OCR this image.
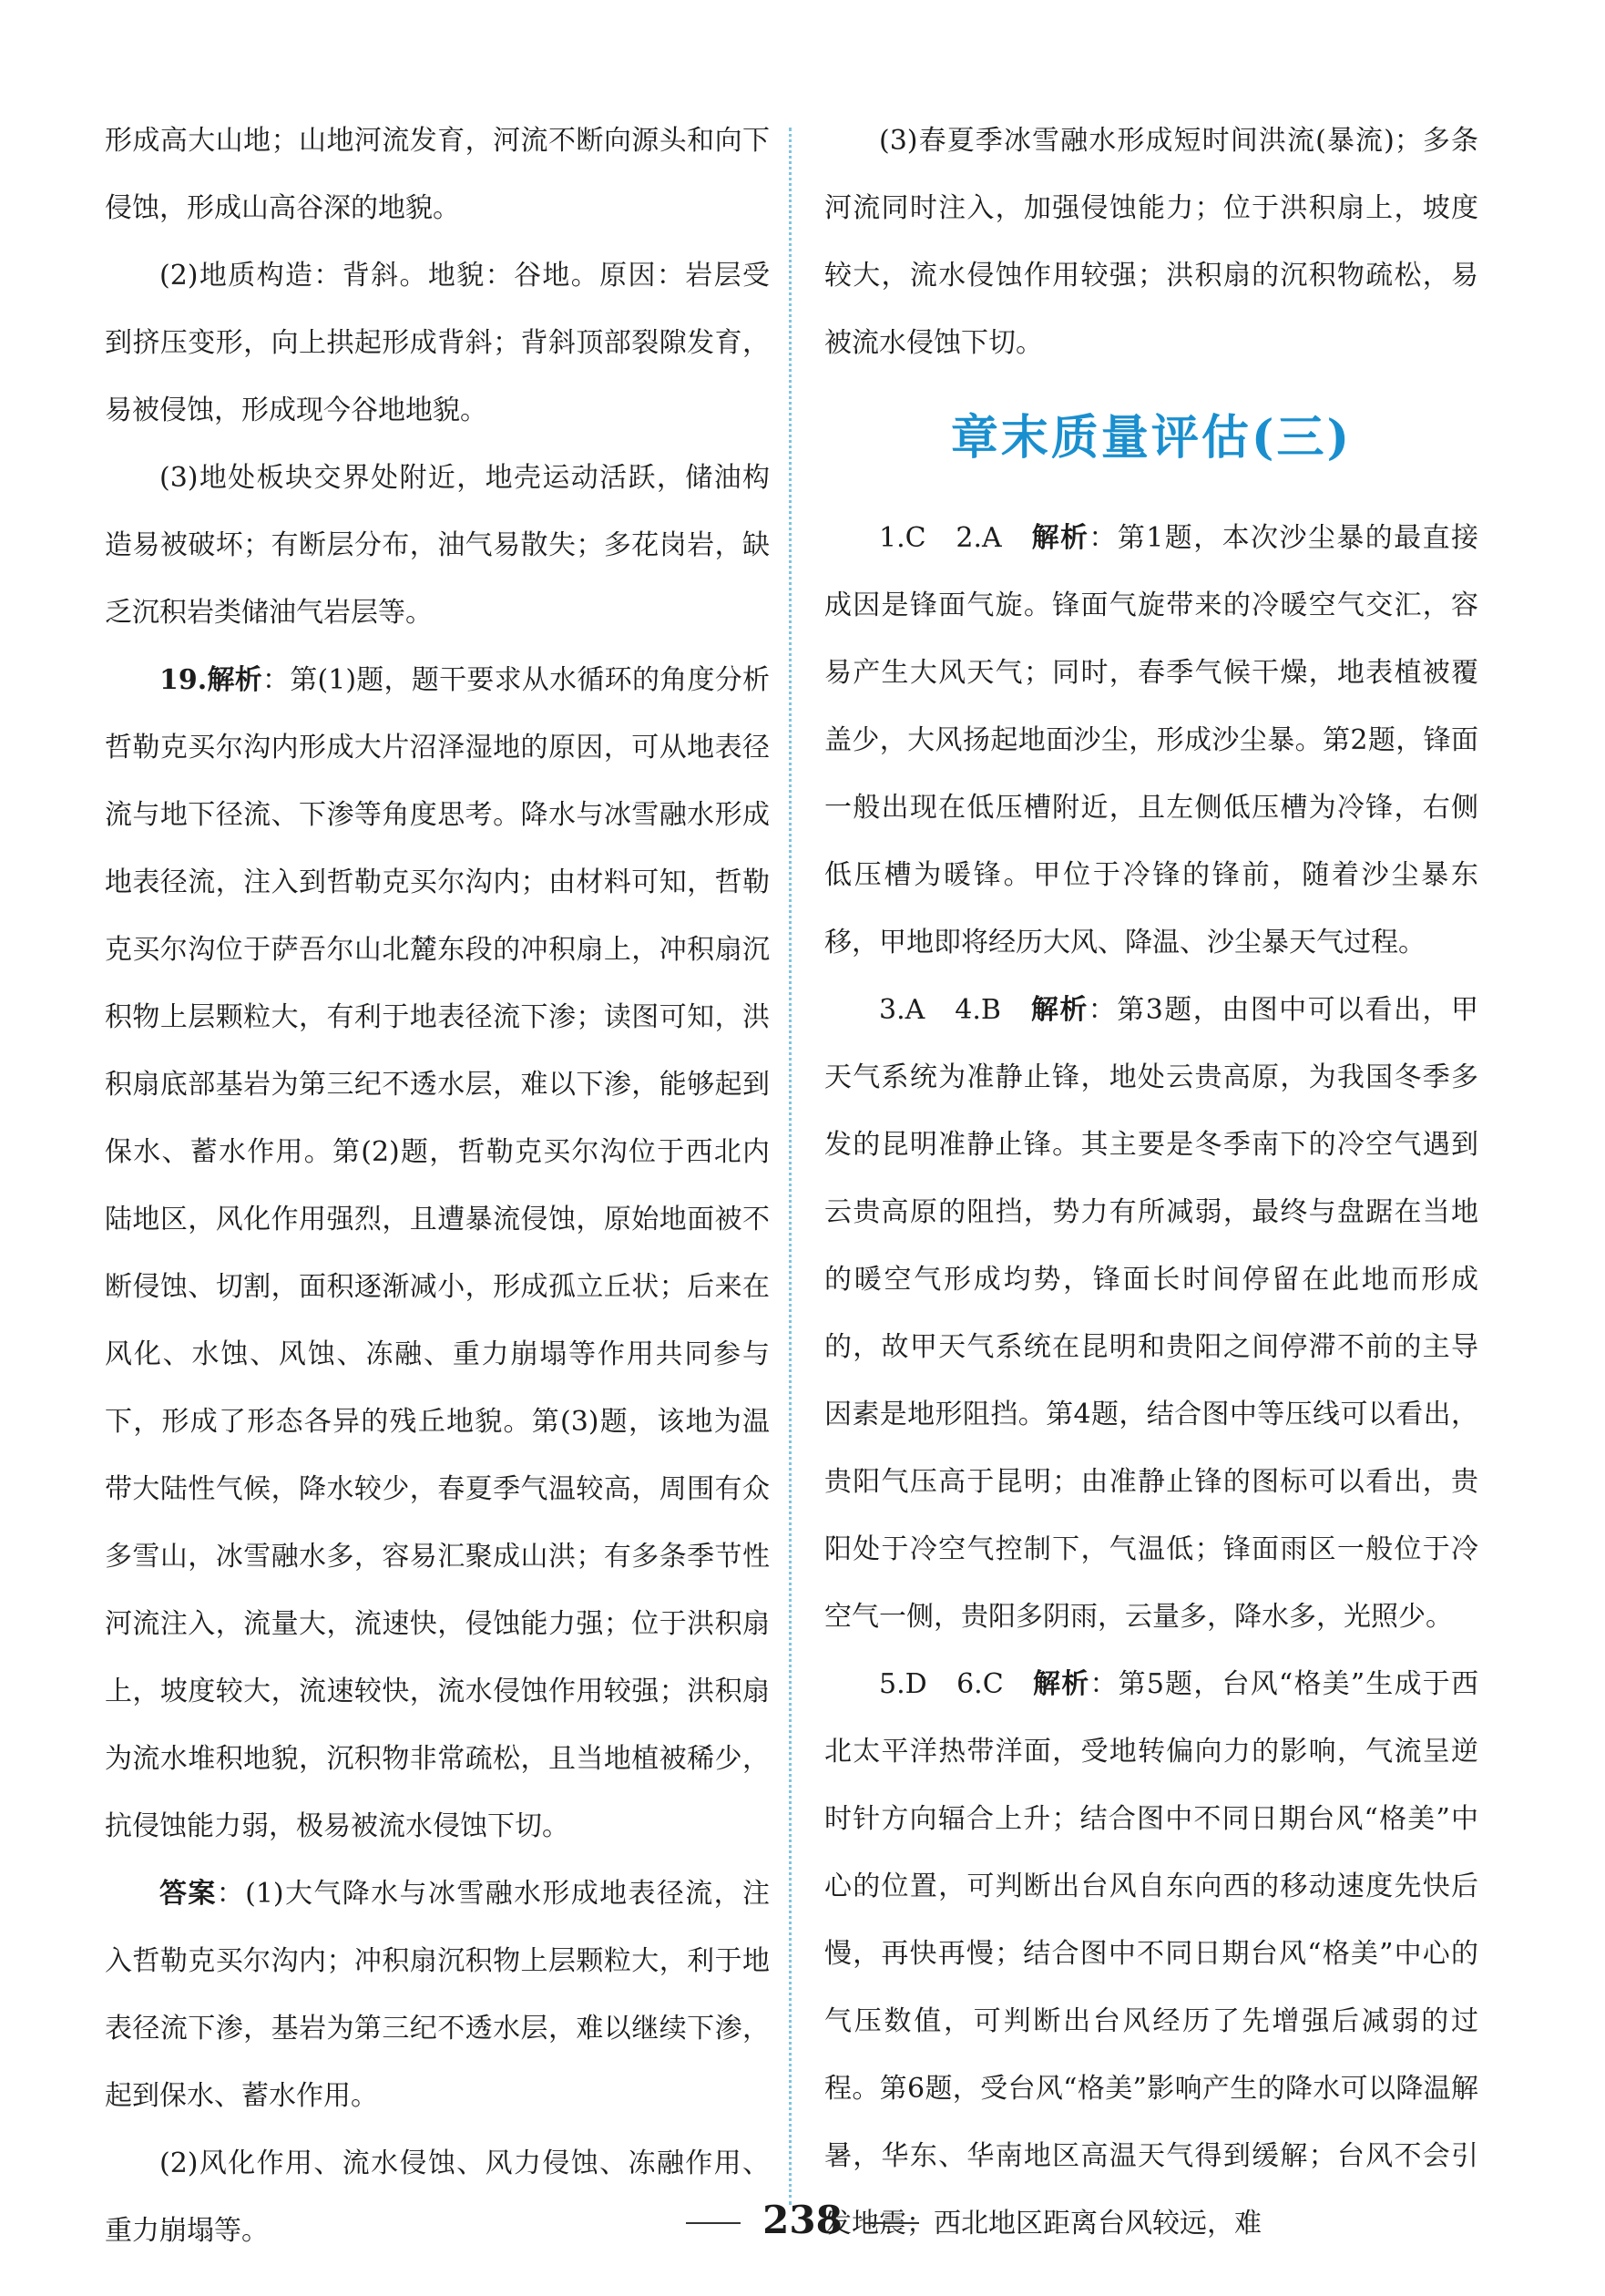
形成高大山地；山地河流发育，河流不断向源头和向下侵蚀，形成山高谷深的地貌。

(2)地质构造：背斜。地貌：谷地。原因：岩层受到挤压变形，向上拱起形成背斜；背斜顶部裂隙发育，易被侵蚀，形成现今谷地地貌。

(3)地处板块交界处附近，地壳运动活跃，储油构造易被破坏；有断层分布，油气易散失；多花岗岩，缺乏沉积岩类储油气岩层等。

19.解析：第(1)题，题干要求从水循环的角度分析哲勒克买尔沟内形成大片沼泽湿地的原因，可从地表径流与地下径流、下渗等角度思考。降水与冰雪融水形成地表径流，注入到哲勒克买尔沟内；由材料可知，哲勒克买尔沟位于萨吾尔山北麓东段的冲积扇上，冲积扇沉积物上层颗粒大，有利于地表径流下渗；读图可知，洪积扇底部基岩为第三纪不透水层，难以下渗，能够起到保水、蓄水作用。第(2)题，哲勒克买尔沟位于西北内陆地区，风化作用强烈，且遭暴流侵蚀，原始地面被不断侵蚀、切割，面积逐渐减小，形成孤立丘状；后来在风化、水蚀、风蚀、冻融、重力崩塌等作用共同参与下，形成了形态各异的残丘地貌。第(3)题，该地为温带大陆性气候，降水较少，春夏季气温较高，周围有众多雪山，冰雪融水多，容易汇聚成山洪；有多条季节性河流注入，流量大，流速快，侵蚀能力强；位于洪积扇上，坡度较大，流速较快，流水侵蚀作用较强；洪积扇为流水堆积地貌，沉积物非常疏松，且当地植被稀少，抗侵蚀能力弱，极易被流水侵蚀下切。

答案：(1)大气降水与冰雪融水形成地表径流，注入哲勒克买尔沟内；冲积扇沉积物上层颗粒大，利于地表径流下渗，基岩为第三纪不透水层，难以继续下渗，起到保水、蓄水作用。

(2)风化作用、流水侵蚀、风力侵蚀、冻融作用、重力崩塌等。

(3)春夏季冰雪融水形成短时间洪流(暴流)；多条河流同时注入，加强侵蚀能力；位于洪积扇上，坡度较大，流水侵蚀作用较强；洪积扇的沉积物疏松，易被流水侵蚀下切。

章末质量评估(三)

1.C　2.A　解析：第1题，本次沙尘暴的最直接成因是锋面气旋。锋面气旋带来的冷暖空气交汇，容易产生大风天气；同时，春季气候干燥，地表植被覆盖少，大风扬起地面沙尘，形成沙尘暴。第2题，锋面一般出现在低压槽附近，且左侧低压槽为冷锋，右侧低压槽为暖锋。甲位于冷锋的锋前，随着沙尘暴东移，甲地即将经历大风、降温、沙尘暴天气过程。

3.A　4.B　解析：第3题，由图中可以看出，甲天气系统为准静止锋，地处云贵高原，为我国冬季多发的昆明准静止锋。其主要是冬季南下的冷空气遇到云贵高原的阻挡，势力有所减弱，最终与盘踞在当地的暖空气形成均势，锋面长时间停留在此地而形成的，故甲天气系统在昆明和贵阳之间停滞不前的主导因素是地形阻挡。第4题，结合图中等压线可以看出，贵阳气压高于昆明；由准静止锋的图标可以看出，贵阳处于冷空气控制下，气温低；锋面雨区一般位于冷空气一侧，贵阳多阴雨，云量多，降水多，光照少。

5.D　6.C　解析：第5题，台风“格美”生成于西北太平洋热带洋面，受地转偏向力的影响，气流呈逆时针方向辐合上升；结合图中不同日期台风“格美”中心的位置，可判断出台风自东向西的移动速度先快后慢，再快再慢；结合图中不同日期台风“格美”中心的气压数值，可判断出台风经历了先增强后减弱的过程。第6题，受台风“格美”影响产生的降水可以降温解暑，华东、华南地区高温天气得到缓解；台风不会引发地震；西北地区距离台风较远，难

238
